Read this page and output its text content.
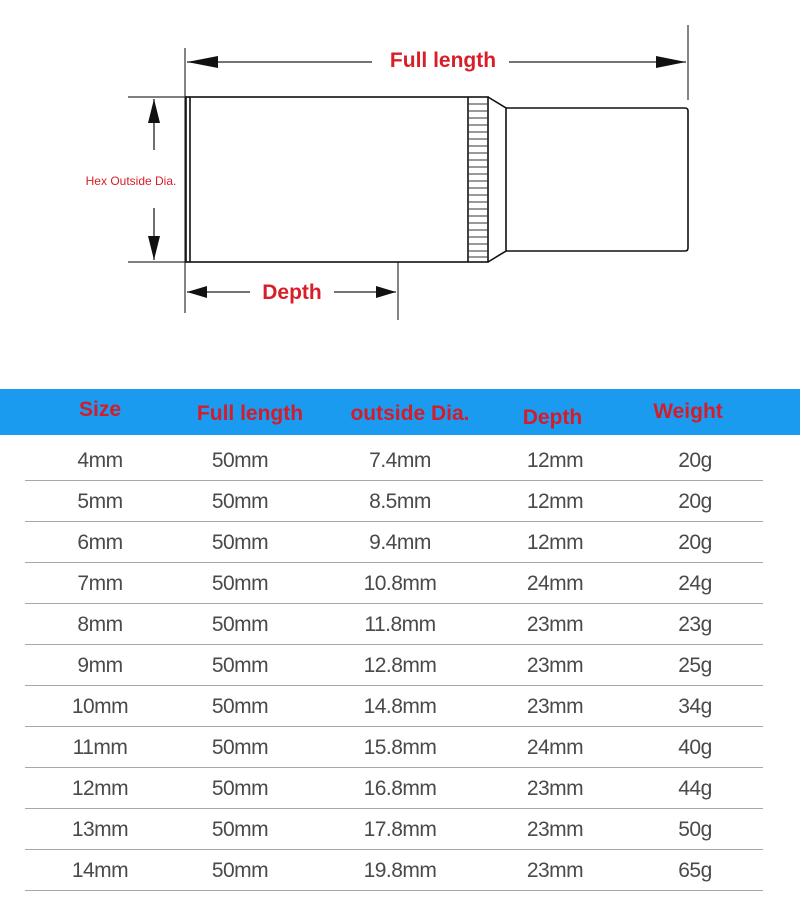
Full length
Hex Outside Dia.
Depth
Size	Full length	outside Dia.	Depth	Weight
4mm	50mm	7.4mm	12mm	20g
5mm	50mm	8.5mm	12mm	20g
6mm	50mm	9.4mm	12mm	20g
7mm	50mm	10.8mm	24mm	24g
8mm	50mm	11.8mm	23mm	23g
9mm	50mm	12.8mm	23mm	25g
10mm	50mm	14.8mm	23mm	34g
11mm	50mm	15.8mm	24mm	40g
12mm	50mm	16.8mm	23mm	44g
13mm	50mm	17.8mm	23mm	50g
14mm	50mm	19.8mm	23mm	65g
